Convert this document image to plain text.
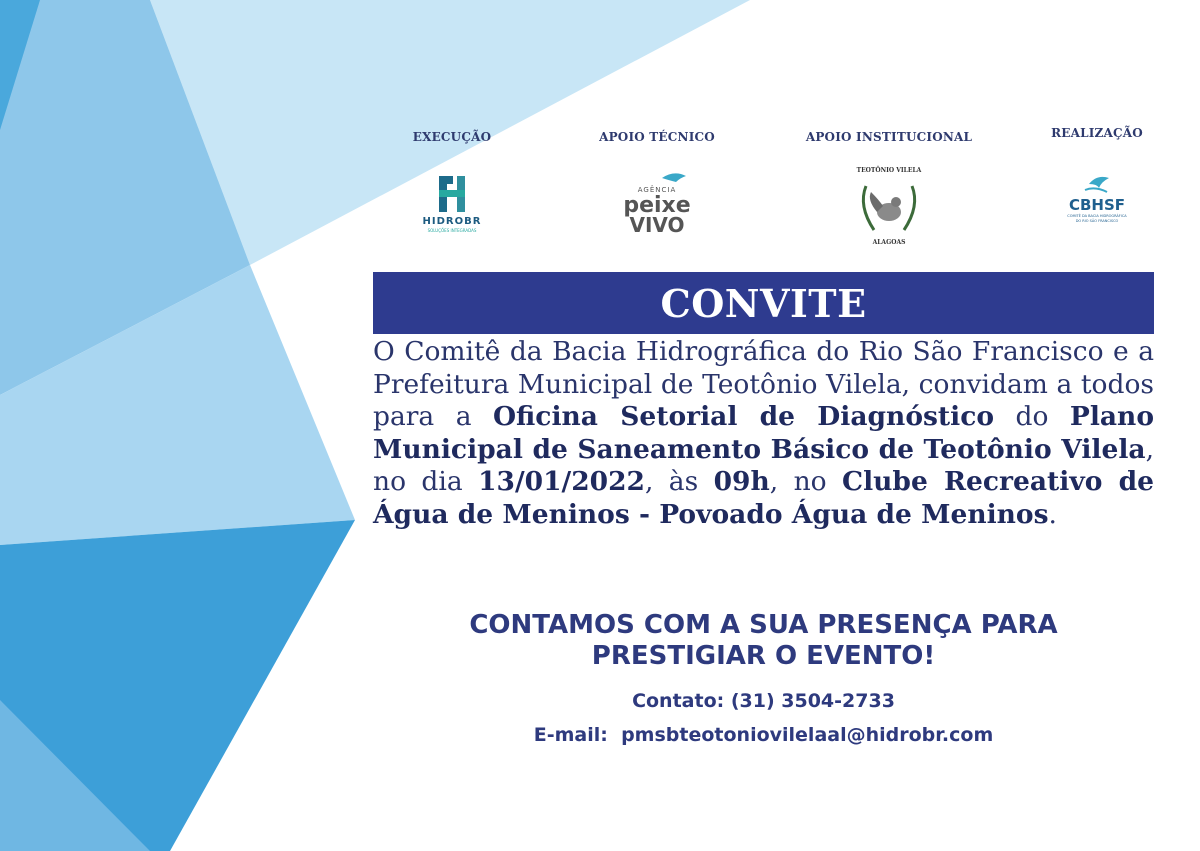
EXECUÇÃO
HIDROBR
SOLUÇÕES INTEGRADAS
APOIO TÉCNICO
AGÊNCIA
peixe
VIVO
APOIO INSTITUCIONAL
TEOTÔNIO VILELA
ALAGOAS
REALIZAÇÃO
CBHSF
COMITÊ DA BACIA HIDROGRÁFICA
DO RIO SÃO FRANCISCO
CONVITE

O Comitê da Bacia Hidrográfica do Rio São Francisco e a Prefeitura Municipal de Teotônio Vilela, convidam a todos para a Oficina Setorial de Diagnóstico do Plano Municipal de Saneamento Básico de Teotônio Vilela, no dia 13/01/2022, às 09h, no Clube Recreativo de Água de Meninos - Povoado Água de Meninos.

CONTAMOS COM A SUA PRESENÇA PARA
PRESTIGIAR O EVENTO!

Contato: (31) 3504-2733
E-mail:  pmsbteotoniovilelaal@hidrobr.com
